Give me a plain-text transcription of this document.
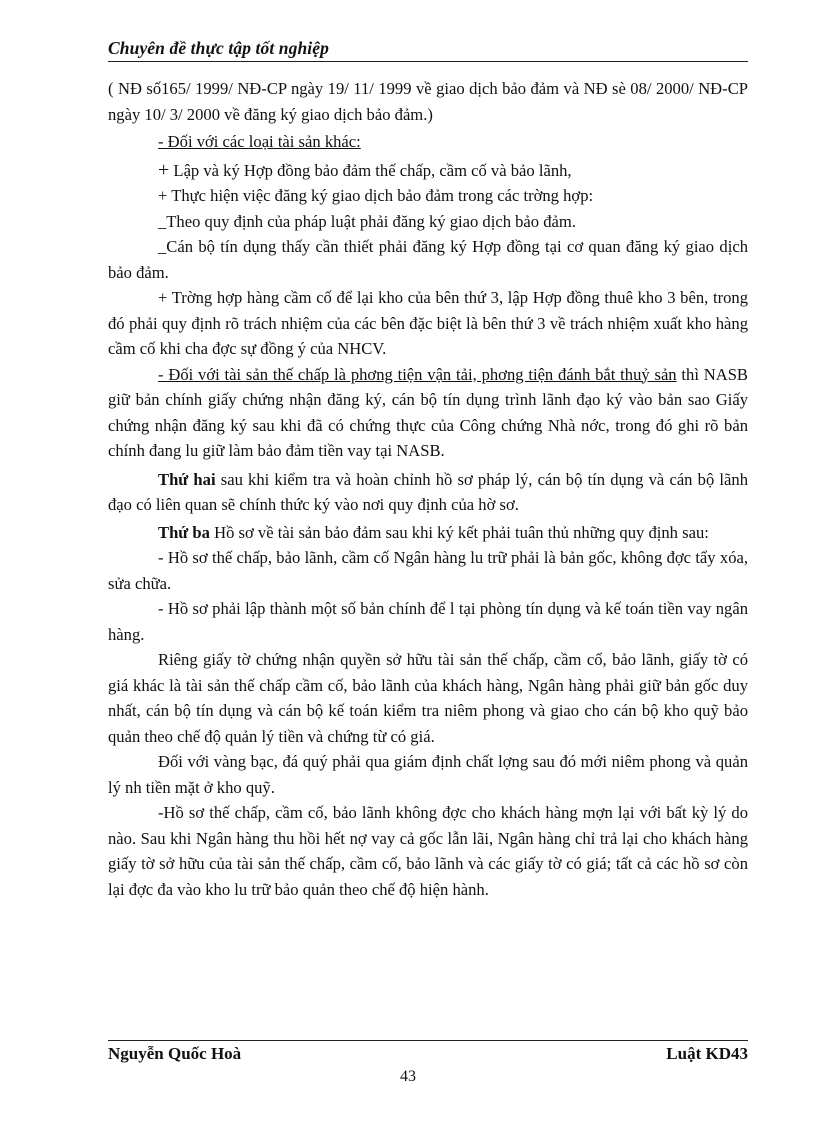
Chuyên đề thực tập tốt nghiệp

( NĐ số165/ 1999/ NĐ-CP ngày 19/ 11/ 1999 về giao dịch bảo đảm và NĐ sè 08/ 2000/ NĐ-CP ngày 10/ 3/ 2000 về đăng ký giao dịch bảo đảm.)

- Đối với các loại tài sản khác:

+ Lập và ký Hợp đồng bảo đảm thế chấp, cầm cố và bảo lãnh,

+ Thực hiện việc đăng ký giao dịch bảo đảm trong các trờng hợp:

_Theo quy định của pháp luật phải đăng ký giao dịch bảo đảm.

_Cán bộ tín dụng thấy cần thiết phải đăng ký Hợp đồng tại cơ quan đăng ký giao dịch bảo đảm.

+ Trờng hợp hàng cầm cố để lại kho của bên thứ 3, lập Hợp đồng thuê kho 3 bên, trong đó phải quy định rõ trách nhiệm của các bên đặc biệt là bên thứ 3 về trách nhiệm xuất kho hàng cầm cố khi cha đợc sự đồng ý của NHCV.

- Đối với tài sản thế chấp là phơng tiện vận tải, phơng tiện đánh bắt thuỷ sản thì NASB giữ bản chính giấy chứng nhận đăng ký, cán bộ tín dụng trình lãnh đạo ký vào bản sao Giấy chứng nhận đăng ký sau khi đã có chứng thực của Công chứng Nhà nớc, trong đó ghi rõ bản chính đang lu giữ làm bảo đảm tiền vay tại NASB.

Thứ hai sau khi kiểm tra và hoàn chỉnh hồ sơ pháp lý, cán bộ tín dụng và cán bộ lãnh đạo có liên quan sẽ chính thức ký vào nơi quy định của hờ sơ.

Thứ ba Hồ sơ về tài sản bảo đảm sau khi ký kết phải tuân thủ những quy định sau:

- Hồ sơ thế chấp, bảo lãnh, cầm cố Ngân hàng lu trữ phải là bản gốc, không đợc tẩy xóa, sửa chữa.

- Hồ sơ phải lập thành một số bản chính để l tại phòng tín dụng và kế toán tiền vay ngân hàng.

Riêng giấy tờ chứng nhận quyền sở hữu tài sản thế chấp, cầm cố, bảo lãnh, giấy tờ có giá khác là tài sản thế chấp cầm cố, bảo lãnh của khách hàng, Ngân hàng phải giữ bản gốc duy nhất, cán bộ tín dụng và cán bộ kế toán kiểm tra niêm phong và giao cho cán bộ kho quỹ bảo quản theo chế độ quản lý tiền và chứng từ có giá.

Đối với vàng bạc, đá quý phải qua giám định chất lợng sau đó mới niêm phong và quản lý nh tiền mặt ở kho quỹ.

-Hồ sơ thế chấp, cầm cố, bảo lãnh không đợc cho khách hàng mợn lại với bất kỳ lý do nào. Sau khi Ngân hàng thu hồi hết nợ vay cả gốc lẫn lãi, Ngân hàng chỉ trả lại cho khách hàng giấy tờ sở hữu của tài sản thế chấp, cầm cố, bảo lãnh và các giấy tờ có giá; tất cả các hồ sơ còn lại đợc đa vào kho lu trữ bảo quản theo chế độ hiện hành.

Nguyễn Quốc Hoà	Luật KD43
43
